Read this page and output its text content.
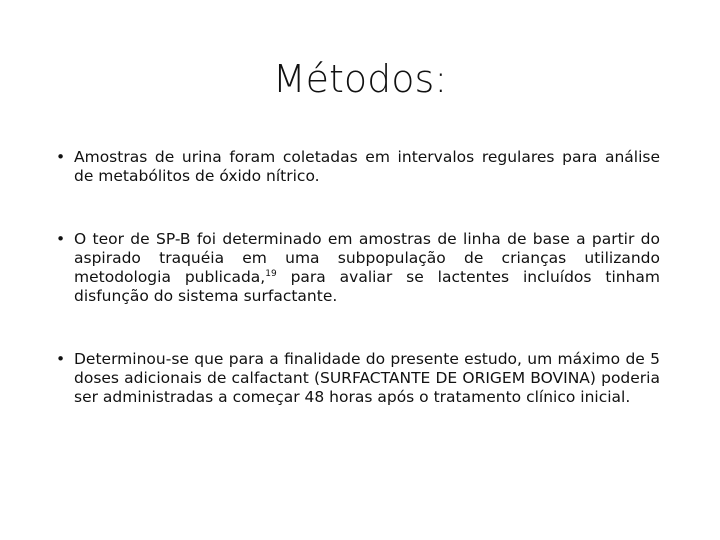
Métodos:
• Amostras de urina foram coletadas em intervalos regulares para análise de metabólitos de óxido nítrico.
• O teor de SP-B foi determinado em amostras de linha de base a partir do aspirado traquéia em uma subpopulação de crianças utilizando metodologia publicada,$^{19}$ para avaliar se lactentes incluídos tinham disfunção do sistema surfactante.
• Determinou-se que para a finalidade do presente estudo, um máximo de 5 doses adicionais de calfactant (SURFACTANTE DE ORIGEM BOVINA) poderia ser administradas a começar 48 horas após o tratamento clínico inicial.
